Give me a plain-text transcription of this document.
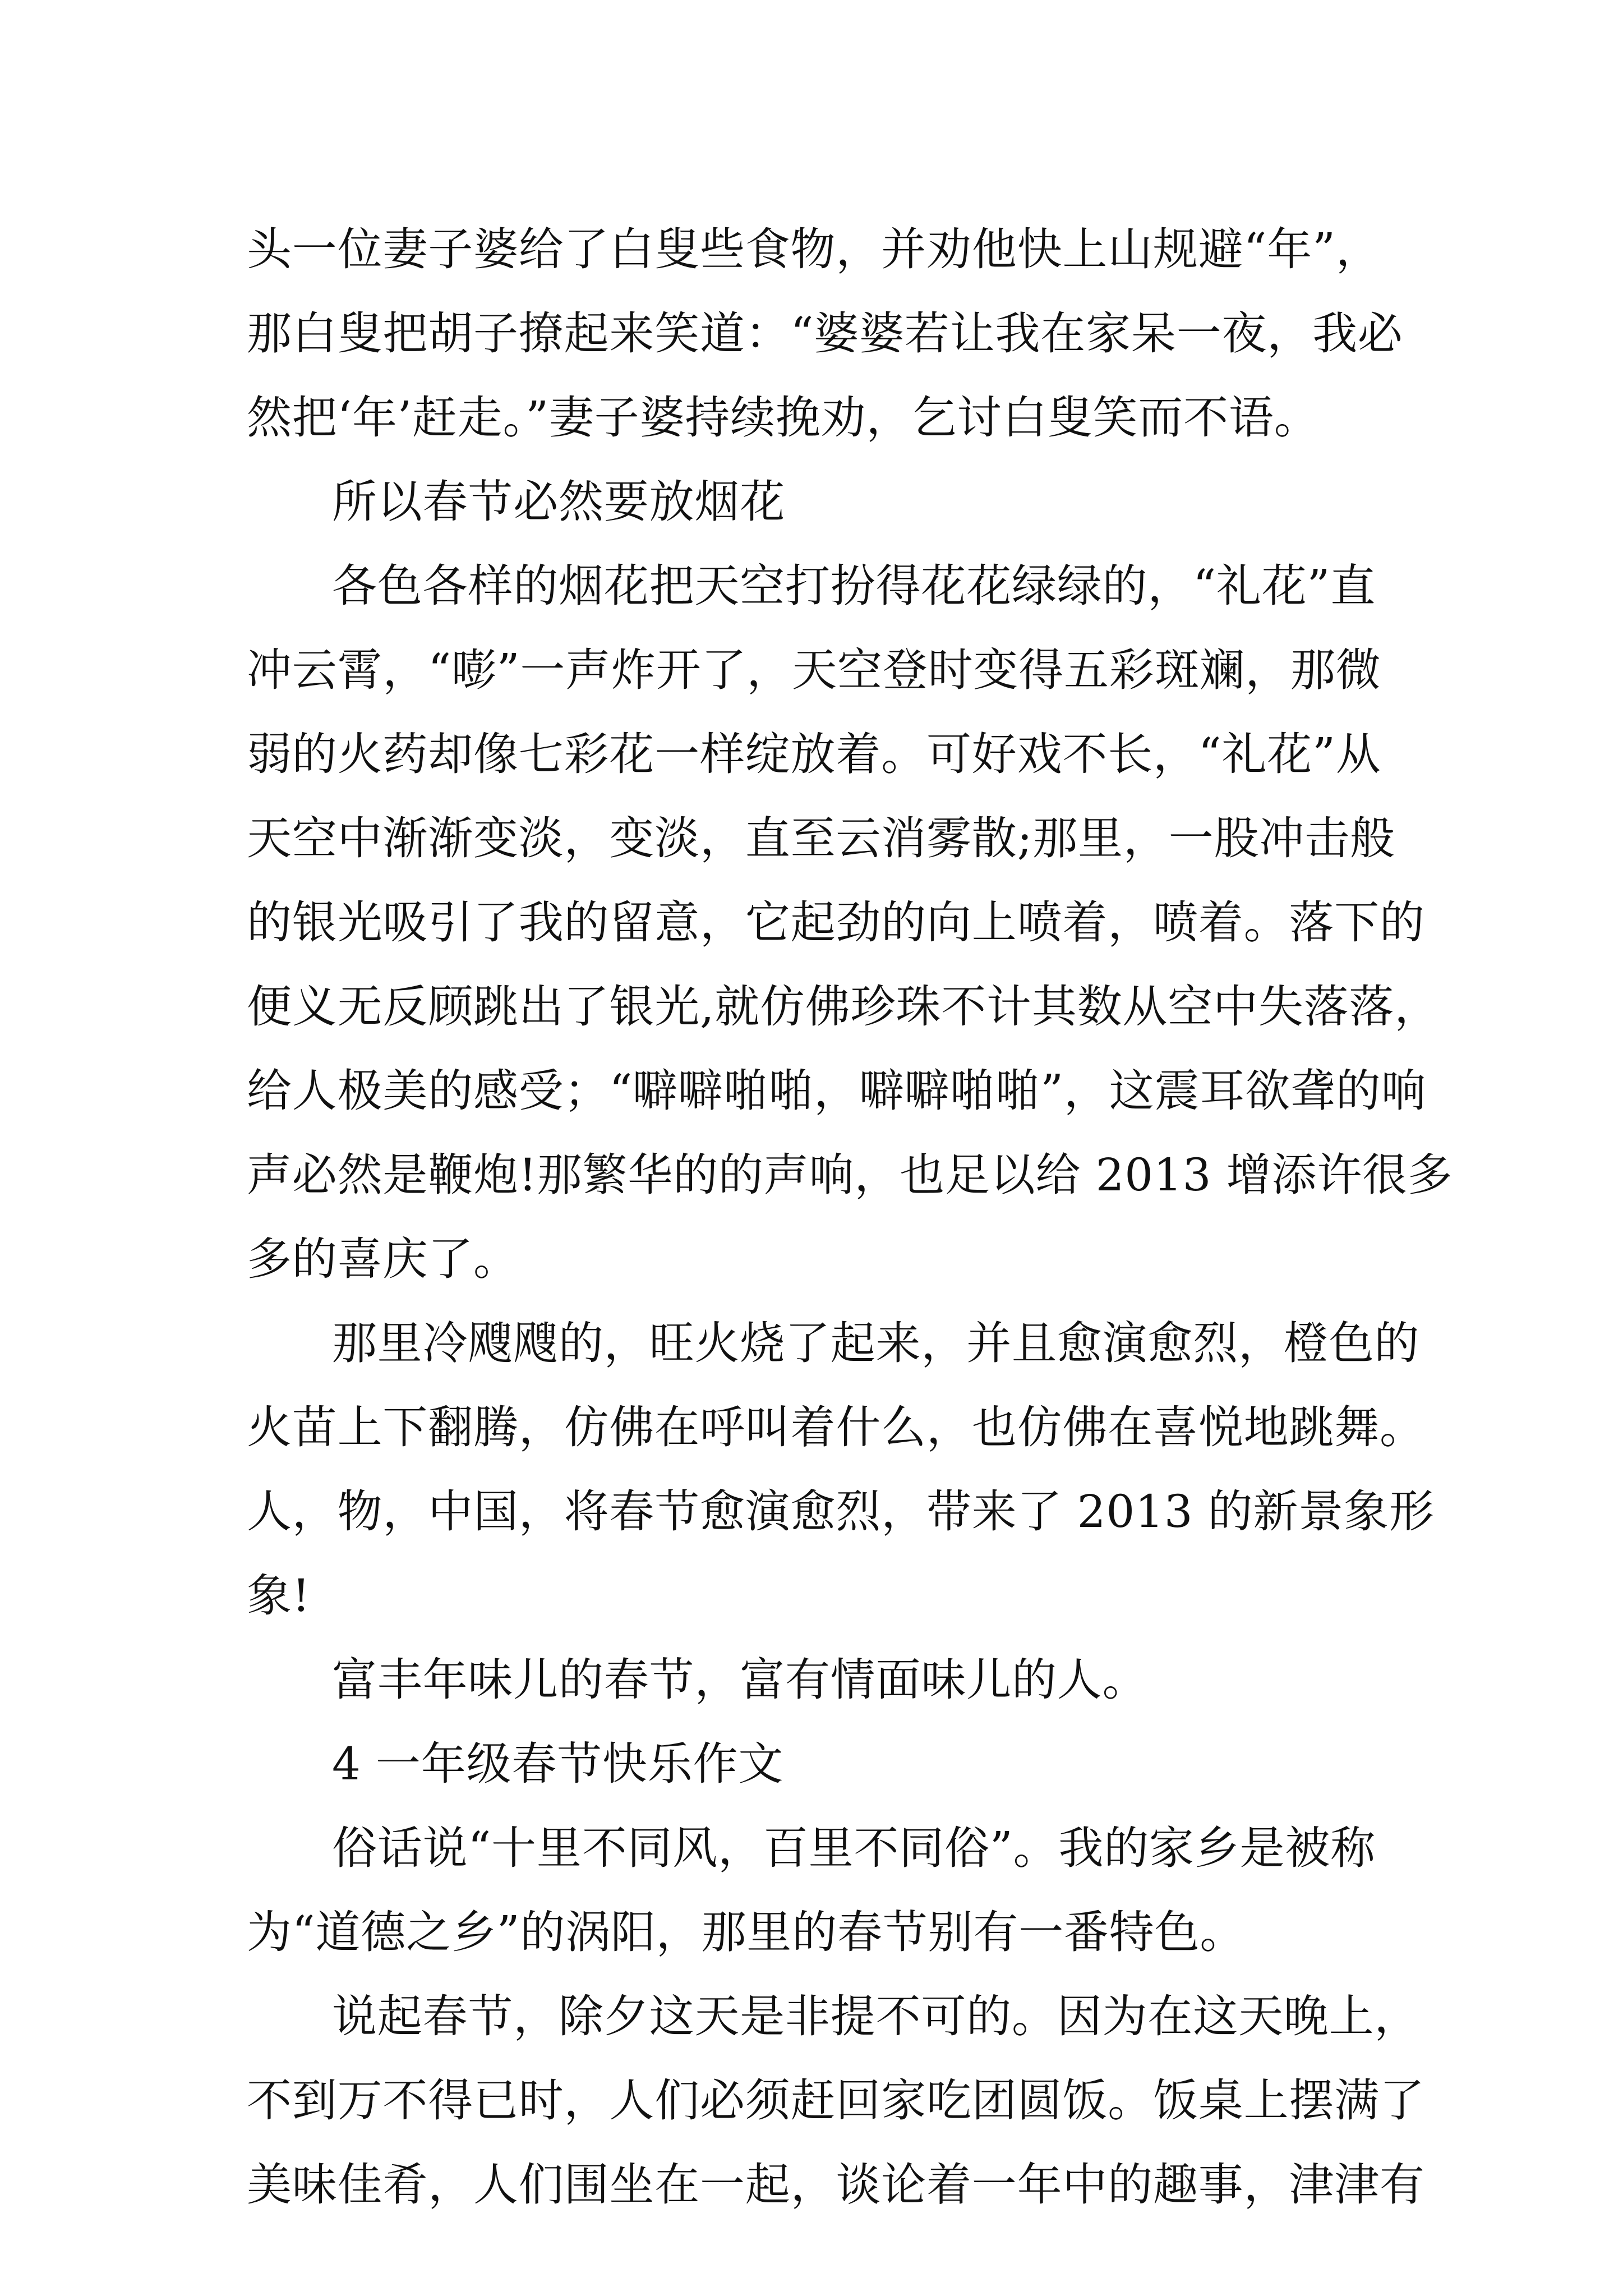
头一位妻子婆给了白叟些食物，并劝他快上山规避“年”，
那白叟把胡子撩起来笑道：“婆婆若让我在家呆一夜，我必
然把‘年’赶走。”妻子婆持续挽劝，乞讨白叟笑而不语。
所以春节必然要放烟花
各色各样的烟花把天空打扮得花花绿绿的，“礼花”直
冲云霄，“嘭”一声炸开了，天空登时变得五彩斑斓，那微
弱的火药却像七彩花一样绽放着。可好戏不长，“礼花”从
天空中渐渐变淡，变淡，直至云消雾散;那里，一股冲击般
的银光吸引了我的留意，它起劲的向上喷着，喷着。落下的
便义无反顾跳出了银光,就仿佛珍珠不计其数从空中失落落，
给人极美的感受；“噼噼啪啪，噼噼啪啪”，这震耳欲聋的响
声必然是鞭炮!那繁华的的声响，也足以给 2013 增添许很多
多的喜庆了。
那里冷飕飕的，旺火烧了起来，并且愈演愈烈，橙色的
火苗上下翻腾，仿佛在呼叫着什么，也仿佛在喜悦地跳舞。
人，物，中国，将春节愈演愈烈，带来了 2013 的新景象形
象!
富丰年味儿的春节，富有情面味儿的人。
4 一年级春节快乐作文
俗话说“十里不同风，百里不同俗”。我的家乡是被称
为“道德之乡”的涡阳，那里的春节别有一番特色。
说起春节，除夕这天是非提不可的。因为在这天晚上，
不到万不得已时，人们必须赶回家吃团圆饭。饭桌上摆满了
美味佳肴，人们围坐在一起，谈论着一年中的趣事，津津有
